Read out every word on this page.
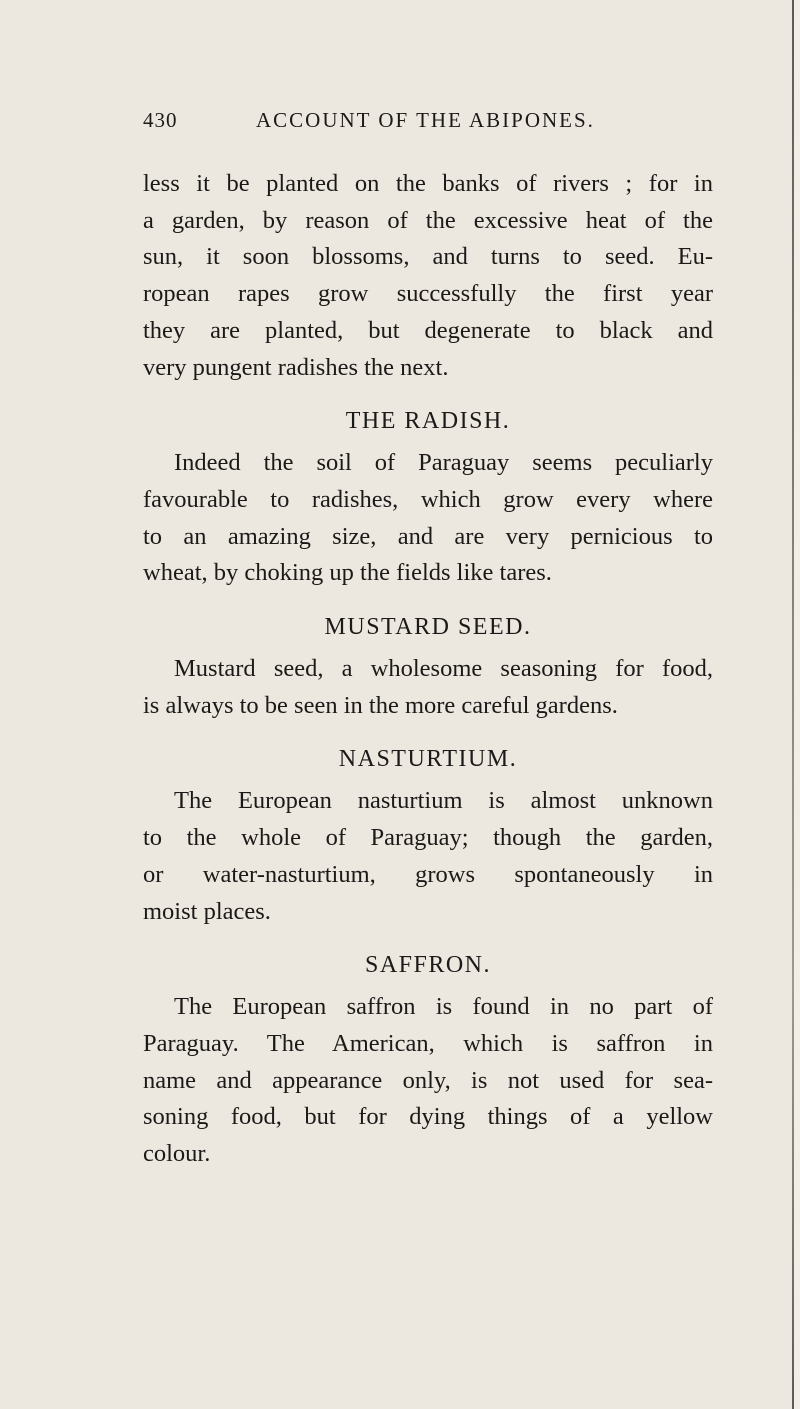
430	ACCOUNT OF THE ABIPONES.
less it be planted on the banks of rivers ; for in
a garden, by reason of the excessive heat of the
sun, it soon blossoms, and turns to seed. Eu-
ropean rapes grow successfully the first year
they are planted, but degenerate to black and
very pungent radishes the next.
THE RADISH.
Indeed the soil of Paraguay seems peculiarly
favourable to radishes, which grow every where
to an amazing size, and are very pernicious to
wheat, by choking up the fields like tares.
MUSTARD SEED.
Mustard seed, a wholesome seasoning for food,
is always to be seen in the more careful gardens.
NASTURTIUM.
The European nasturtium is almost unknown
to the whole of Paraguay; though the garden,
or water-nasturtium, grows spontaneously in
moist places.
SAFFRON.
The European saffron is found in no part of
Paraguay. The American, which is saffron in
name and appearance only, is not used for sea-
soning food, but for dying things of a yellow
colour.
